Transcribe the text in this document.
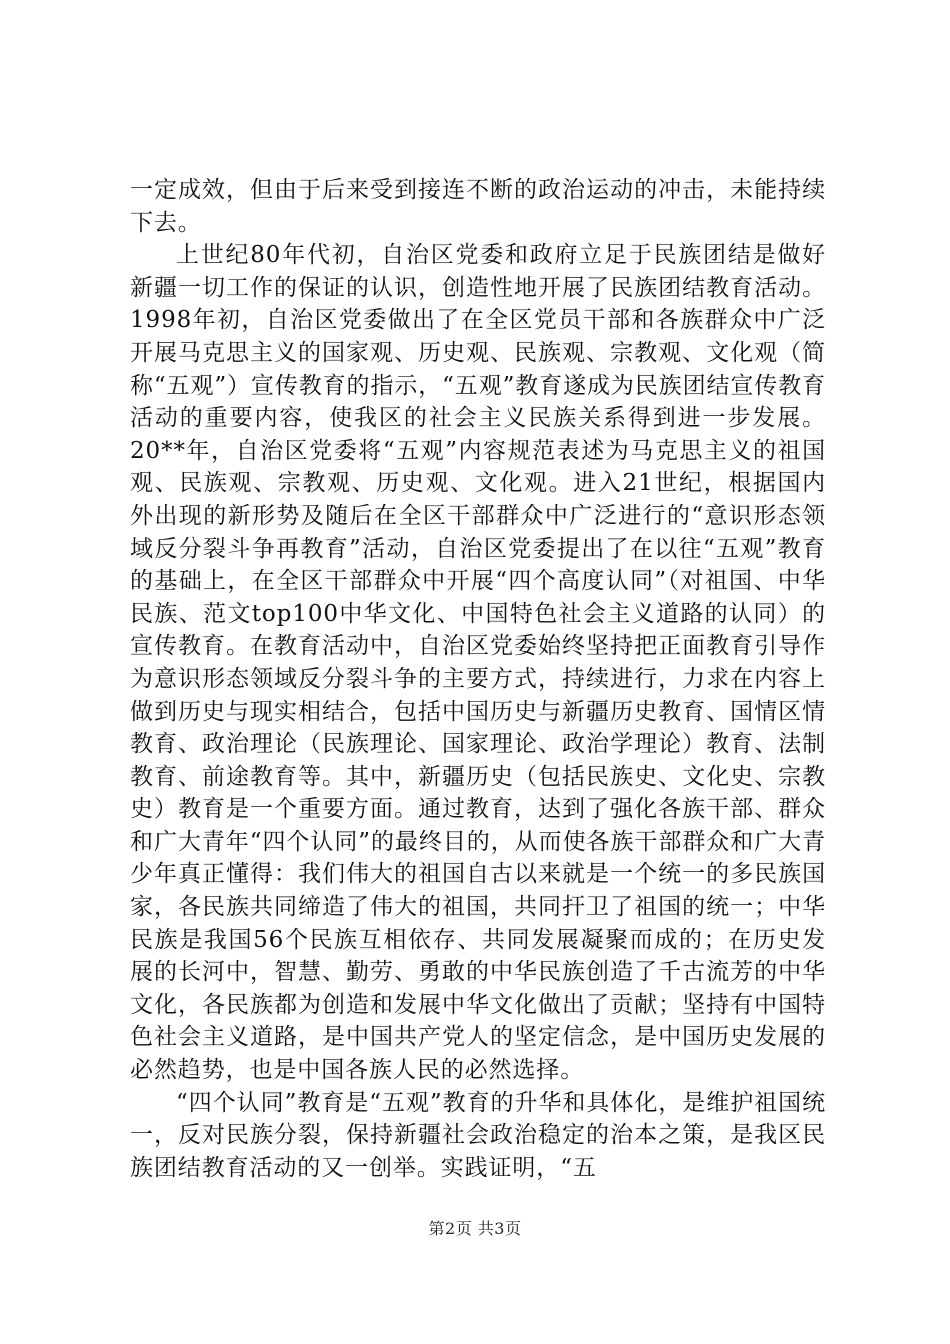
一定成效，但由于后来受到接连不断的政治运动的冲击，未能持续下去。

上世纪80年代初，自治区党委和政府立足于民族团结是做好新疆一切工作的保证的认识，创造性地开展了民族团结教育活动。1998年初，自治区党委做出了在全区党员干部和各族群众中广泛开展马克思主义的国家观、历史观、民族观、宗教观、文化观（简称“五观”）宣传教育的指示，“五观”教育遂成为民族团结宣传教育活动的重要内容，使我区的社会主义民族关系得到进一步发展。20**年，自治区党委将“五观”内容规范表述为马克思主义的祖国观、民族观、宗教观、历史观、文化观。进入21世纪，根据国内外出现的新形势及随后在全区干部群众中广泛进行的“意识形态领域反分裂斗争再教育”活动，自治区党委提出了在以往“五观”教育的基础上，在全区干部群众中开展“四个高度认同”（对祖国、中华民族、范文top100中华文化、中国特色社会主义道路的认同）的宣传教育。在教育活动中，自治区党委始终坚持把正面教育引导作为意识形态领域反分裂斗争的主要方式，持续进行，力求在内容上做到历史与现实相结合，包括中国历史与新疆历史教育、国情区情教育、政治理论（民族理论、国家理论、政治学理论）教育、法制教育、前途教育等。其中，新疆历史（包括民族史、文化史、宗教史）教育是一个重要方面。通过教育，达到了强化各族干部、群众和广大青年“四个认同”的最终目的，从而使各族干部群众和广大青少年真正懂得：我们伟大的祖国自古以来就是一个统一的多民族国家，各民族共同缔造了伟大的祖国，共同扞卫了祖国的统一；中华民族是我国56个民族互相依存、共同发展凝聚而成的；在历史发展的长河中，智慧、勤劳、勇敢的中华民族创造了千古流芳的中华文化，各民族都为创造和发展中华文化做出了贡献；坚持有中国特色社会主义道路，是中国共产党人的坚定信念，是中国历史发展的必然趋势，也是中国各族人民的必然选择。

“四个认同”教育是“五观”教育的升华和具体化，是维护祖国统一，反对民族分裂，保持新疆社会政治稳定的治本之策，是我区民族团结教育活动的又一创举。实践证明，“五

第2页 共3页
